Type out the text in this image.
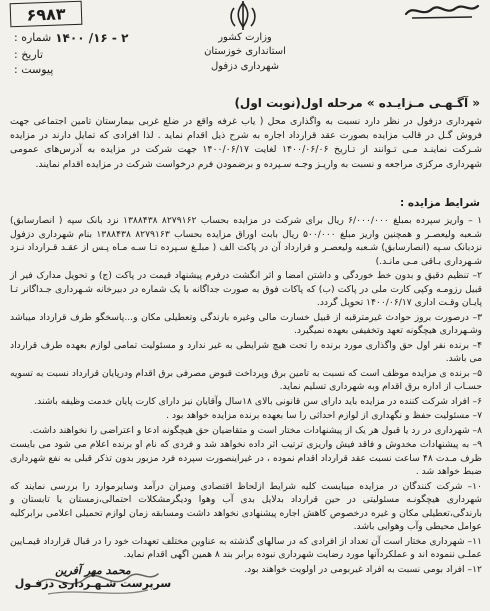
۶۹۸۳
۲ - ۱۶/ ۱۴۰۰
شماره :
تاریخ :
پیوست :
وزارت کشور
استانداری خوزستان
شهرداری دزفول
« آگـهـی مـزایـده » مرحله اول(نوبت اول)
شهرداری دزفول در نظر دارد نسبت به واگذاری محل ( یاب غرفه واقع در ضلع غربی بیمارستان تامین اجتماعی جهت فروش گـل در قالب مزایده بصورت عقد قرارداد اجاره به شرح ذیل اقدام نماید . لذا افرادی که تمایل دارند در مزایده شـرکت نماینـد مـی تـوانند از تـاریخ ۱۴۰۰/۰۶/۰۶ لغایت ۱۴۰۰/۰۶/۱۷ جهت شرکت در مزایده به آدرس‌های عمومی شهرداری مرکزی مراجعه و نسبت به واریـز وجـه سـپرده و برضمودن فرم درخواست شرکت در مزایده اقدام نمایند.
شرایط مزایده :

۱ – واریز سپرده بمبلغ ۶/۰۰۰/۰۰۰ ریال برای شرکت در مزایده بحساب ۸۲۷۹۱۶۲ ۱۳۸۸۴۳۸ نزد بانک سپه ( انصارسابق) شـعبه ولیعصـر و همچنین واریز مبلغ ۵۰۰/۰۰۰ ریال بابت اوراق مزایده بحساب ۸۲۷۹۱۶۳ ۱۳۸۸۴۳۸ بنام شهرداری دزفول نزدبانک سـپه (انصارسابق) شـعبه ولیعصـر و قرارداد آن در پاکت الف ( مبلـغ سـپرده تـا سـه مـاه پـس از عقـد قـرارداد نـزد شـهرداری بـاقی مـی مانـد.)

۲– تنظیم دقیق و بدون خط خوردگی و داشتن امضا و اثر انگشت درفرم پیشنهاد قیمت در پاکت (ج) و تحویل مدارک فیر از قبیل رزومـه وکپی کارت ملی در پاکت (ب) که پاکات فوق به صورت جداگانه با یک شماره در دبیرخانه شـهرداری جـداگانر تـا پایـان وقـت اداری ۱۴۰۰/۰۶/۱۷ تحویل گردد.

۳– درصورت بروز حوادث غیرمترقبه از قبیل خسارت مالی وغیره بارندگی وتعطیلی مکان و...پاسخگو طرف قرارداد میباشد وشـهرداری هیچگونه تعهد وتخفیفی بعهده نمیگیرد.

۴– برنده نفر اول حق واگذاری مورد برنده را تحت هیچ شرایطی به غیر ندارد و مسئولیت تمامی لوازم بعهده طرف قرارداد می باشد.

۵– برنده ی مزایده موظف است که نسبت به تامین برق وپرداخت قبوض مصرفی برق اقدام ودرپایان قرارداد نسبت به تسویه حسـاب از اداره برق اقدام وبه شهرداری تسلیم نماید.

۶– افراد شرکت کننده در مزایده باید دارای سن قانونی بالای ۱۸سال وآقایان نیز دارای کارت پایان خدمت وظیفه باشند.

۷– مسئولیت حفظ و نگهداری از لوازم احداثی را سا بعهده برنده مزایده خواهد بود .

۸– شهرداری در رد یا قبول هر یک از پیشنهادات مختار است و متقاضیان حق هیچگونه ادعا و اعتراضی را نخواهند داشت.

۹– به پیشنهادات مخدوش و فاقد فیش واریزی ترتیب اثر داده نخواهد شد و فردی که نام او برنده اعلام می شود می بایست ظرف مـدت ۴۸ ساعت نسبت عقد قرارداد اقدام نموده ، در غیراینصورت سپرده فرد مزبور بدون تذکر قبلی به نفع شهرداری ضبط خواهد شد .

۱۰– شرکت کنندگان در مزایده میبایست کلیه شرایط ازلحاظ اقتصادی ومیزان درآمد وسایرموارد را بررسی نمایند که شهرداری هیچگونـه مسئولیتی در حین قرارداد بدلایل بدی آب وهوا ودیگرمشکلات احتمالی،زمستان یا تابستان و بارندگی،تعطیلی مکان و غیره درخصوص کاهش اجاره پیشنهادی نخواهد داشت ومسابقه زمان لوازم تحمیلی اعلامی برابرکلیه عوامل محیطی وآب وهوایی باشد.

۱۱– شهرداری مختار است آن تعداد از افرادی که در سالهای گذشته به عناوین مختلف تعهدات خود را در قبال قرارداد قیمـایین عملـی ننموده اند و عملکردآنها مورد رضایت شهرداری نبوده برابر بند ۸ همین اگهی اقدام نماید.

۱۲– افراد بومی نسبت به افراد غیربومی در اولویت خواهند بود.

محمد مهر آفرین
سرپرست شـهـرداری دزفـول
